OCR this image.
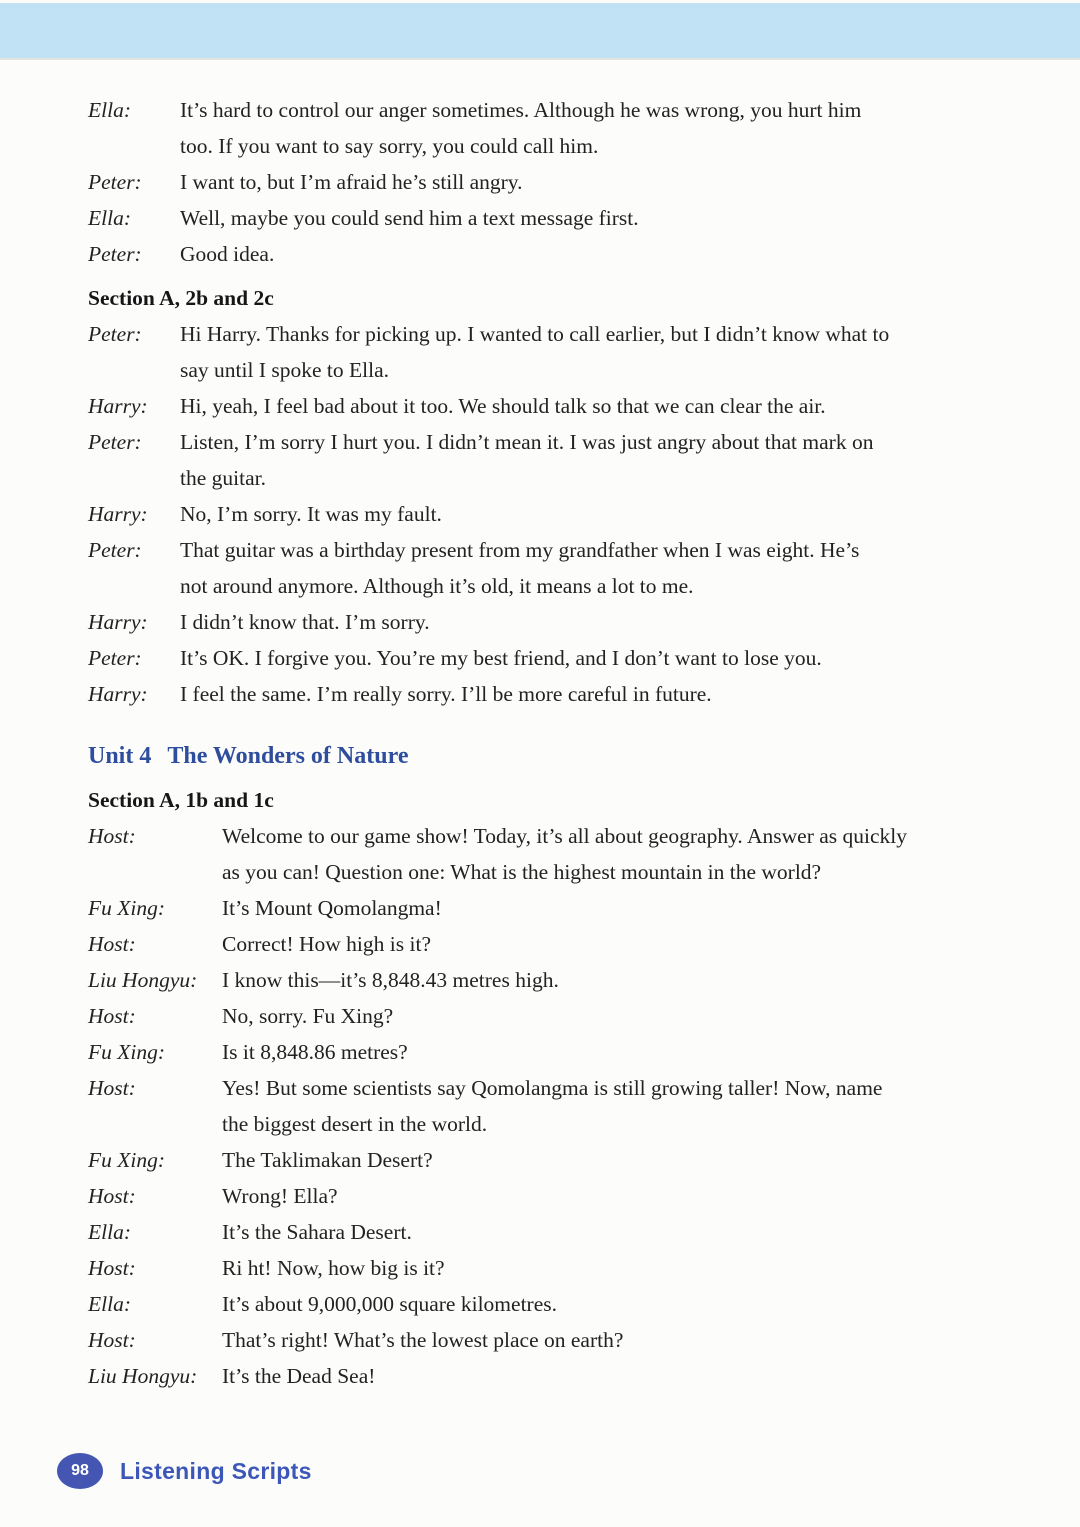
Ella:	It’s hard to control our anger sometimes. Although he was wrong, you hurt him
too. If you want to say sorry, you could call him.
Peter:	I want to, but I’m afraid he’s still angry.
Ella:	Well, maybe you could send him a text message first.
Peter:	Good idea.
Section A, 2b and 2c
Peter:	Hi Harry. Thanks for picking up. I wanted to call earlier, but I didn’t know what to
say until I spoke to Ella.
Harry:	Hi, yeah, I feel bad about it too. We should talk so that we can clear the air.
Peter:	Listen, I’m sorry I hurt you. I didn’t mean it. I was just angry about that mark on
the guitar.
Harry:	No, I’m sorry. It was my fault.
Peter:	That guitar was a birthday present from my grandfather when I was eight. He’s
not around anymore. Although it’s old, it means a lot to me.
Harry:	I didn’t know that. I’m sorry.
Peter:	It’s OK. I forgive you. You’re my best friend, and I don’t want to lose you.
Harry:	I feel the same. I’m really sorry. I’ll be more careful in future.
Unit 4 The Wonders of Nature
Section A, 1b and 1c
Host:	Welcome to our game show! Today, it’s all about geography. Answer as quickly
as you can! Question one: What is the highest mountain in the world?
Fu Xing:	It’s Mount Qomolangma!
Host:	Correct! How high is it?
Liu Hongyu:	I know this—it’s 8,848.43 metres high.
Host:	No, sorry. Fu Xing?
Fu Xing:	Is it 8,848.86 metres?
Host:	Yes! But some scientists say Qomolangma is still growing taller! Now, name
the biggest desert in the world.
Fu Xing:	The Taklimakan Desert?
Host:	Wrong! Ella?
Ella:	It’s the Sahara Desert.
Host:	Ri ht! Now, how big is it?
Ella:	It’s about 9,000,000 square kilometres.
Host:	That’s right! What’s the lowest place on earth?
Liu Hongyu:	It’s the Dead Sea!
98 Listening Scripts
